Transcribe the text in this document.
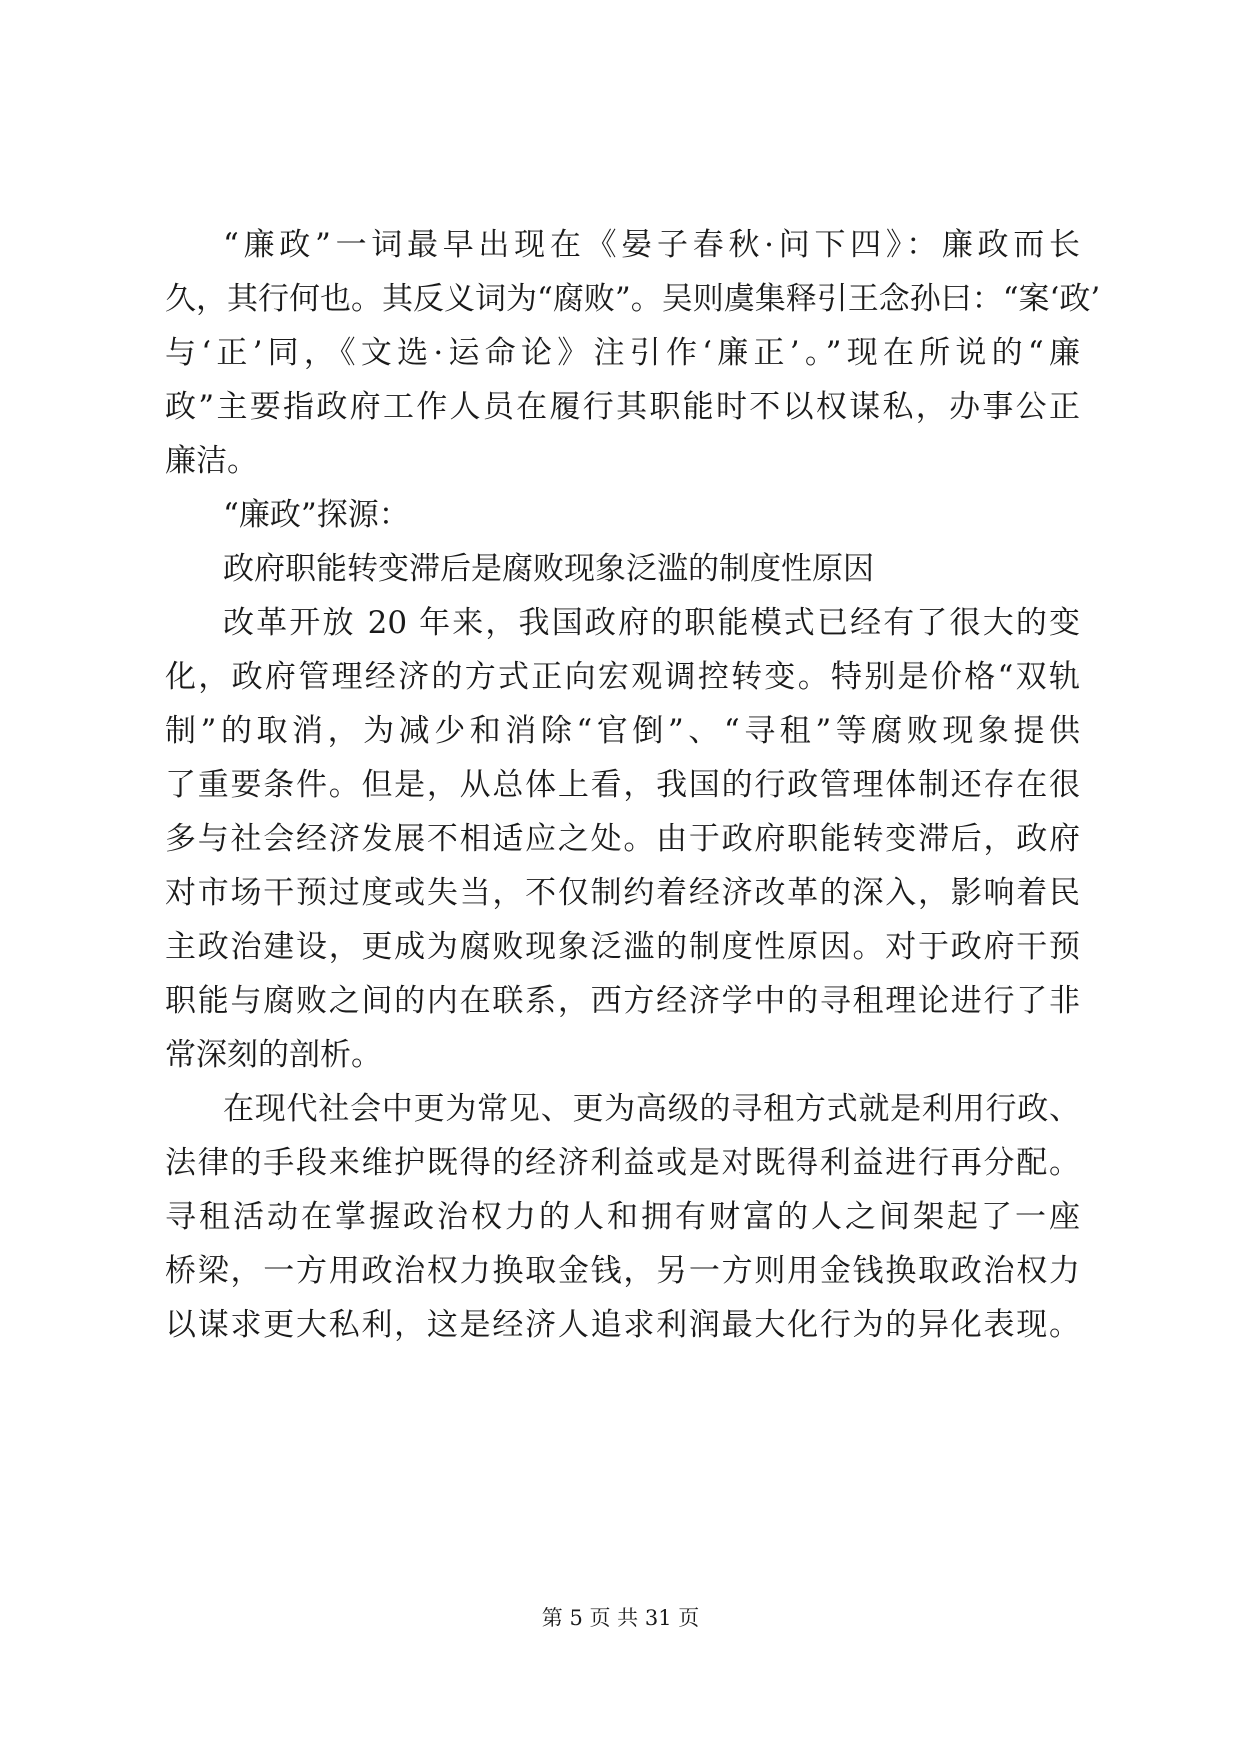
“廉政”一词最早出现在《晏子春秋·问下四》：廉政而长
久，其行何也。其反义词为“腐败”。吴则虞集释引王念孙曰：“案‘政’
与‘正’同，《文选·运命论》注引作‘廉正’。”现在所说的“廉
政”主要指政府工作人员在履行其职能时不以权谋私，办事公正
廉洁。
“廉政”探源：
政府职能转变滞后是腐败现象泛滥的制度性原因
改革开放 20 年来，我国政府的职能模式已经有了很大的变
化，政府管理经济的方式正向宏观调控转变。特别是价格“双轨
制”的取消，为减少和消除“官倒”、“寻租”等腐败现象提供
了重要条件。但是，从总体上看，我国的行政管理体制还存在很
多与社会经济发展不相适应之处。由于政府职能转变滞后，政府
对市场干预过度或失当，不仅制约着经济改革的深入，影响着民
主政治建设，更成为腐败现象泛滥的制度性原因。对于政府干预
职能与腐败之间的内在联系，西方经济学中的寻租理论进行了非
常深刻的剖析。
在现代社会中更为常见、更为高级的寻租方式就是利用行政、
法律的手段来维护既得的经济利益或是对既得利益进行再分配。
寻租活动在掌握政治权力的人和拥有财富的人之间架起了一座
桥梁，一方用政治权力换取金钱，另一方则用金钱换取政治权力
以谋求更大私利，这是经济人追求利润最大化行为的异化表现。
第 5 页 共 31 页
